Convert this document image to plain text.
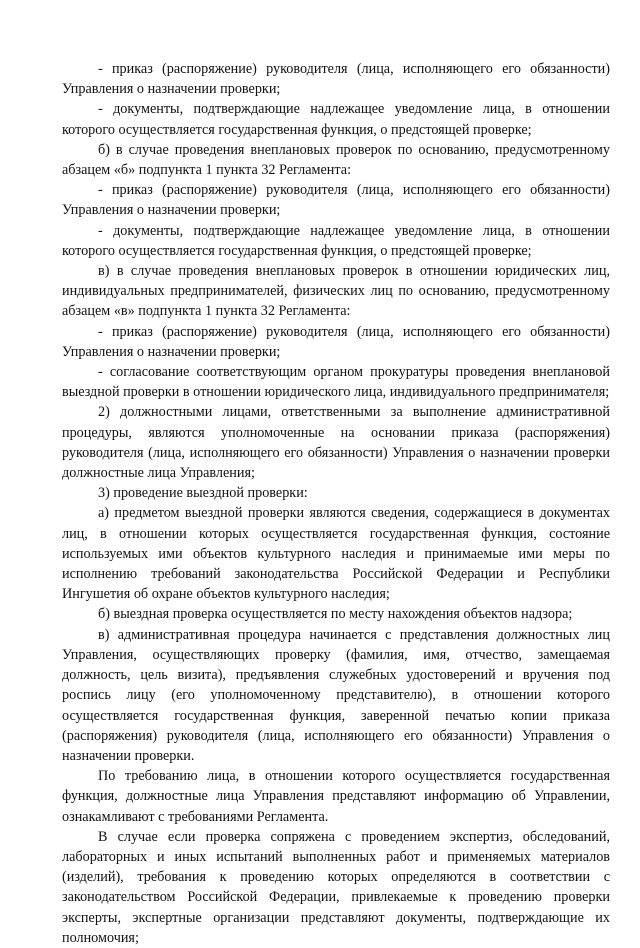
- приказ (распоряжение) руководителя (лица, исполняющего его обязанности) Управления о назначении проверки;

- документы, подтверждающие надлежащее уведомление лица, в отношении которого осуществляется государственная функция, о предстоящей проверке;

б) в случае проведения внеплановых проверок по основанию, предусмотренному абзацем «б» подпункта 1 пункта 32 Регламента:

- приказ (распоряжение) руководителя (лица, исполняющего его обязанности) Управления о назначении проверки;

- документы, подтверждающие надлежащее уведомление лица, в отношении которого осуществляется государственная функция, о предстоящей проверке;

в) в случае проведения внеплановых проверок в отношении юридических лиц, индивидуальных предпринимателей, физических лиц по основанию, предусмотренному абзацем «в» подпункта 1 пункта 32 Регламента:

- приказ (распоряжение) руководителя (лица, исполняющего его обязанности) Управления о назначении проверки;

- согласование соответствующим органом прокуратуры проведения внеплановой выездной проверки в отношении юридического лица, индивидуального предпринимателя;

2) должностными лицами, ответственными за выполнение административной процедуры, являются уполномоченные на основании приказа (распоряжения) руководителя (лица, исполняющего его обязанности) Управления о назначении проверки должностные лица Управления;

3) проведение выездной проверки:

а) предметом выездной проверки являются сведения, содержащиеся в документах лиц, в отношении которых осуществляется государственная функция, состояние используемых ими объектов культурного наследия и принимаемые ими меры по исполнению требований законодательства Российской Федерации и Республики Ингушетия об охране объектов культурного наследия;

б) выездная проверка осуществляется по месту нахождения объектов надзора;

в) административная процедура начинается с представления должностных лиц Управления, осуществляющих проверку (фамилия, имя, отчество, замещаемая должность, цель визита), предъявления служебных удостоверений и вручения под роспись лицу (его уполномоченному представителю), в отношении которого осуществляется государственная функция, заверенной печатью копии приказа (распоряжения) руководителя (лица, исполняющего его обязанности) Управления о назначении проверки.

По требованию лица, в отношении которого осуществляется государственная функция, должностные лица Управления представляют информацию об Управлении, ознакамливают с требованиями Регламента.

В случае если проверка сопряжена с проведением экспертиз, обследований, лабораторных и иных испытаний выполненных работ и применяемых материалов (изделий), требования к проведению которых определяются в соответствии с законодательством Российской Федерации, привлекаемые к проведению проверки эксперты, экспертные организации представляют документы, подтверждающие их полномочия;
